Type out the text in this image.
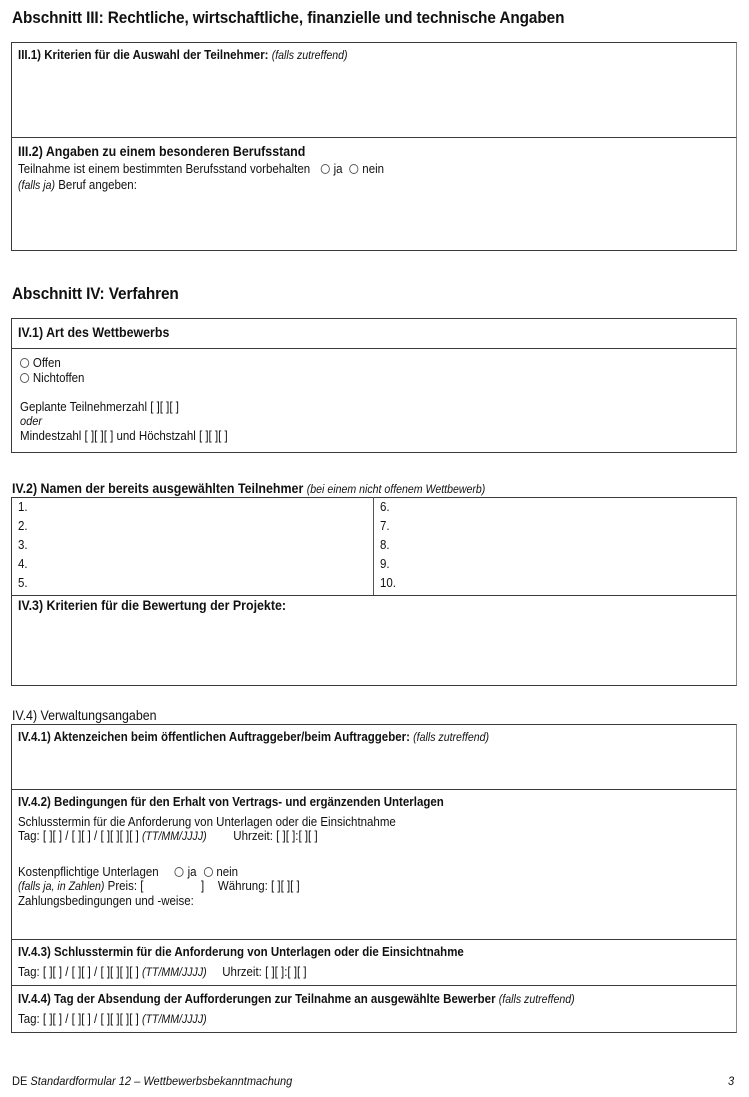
Abschnitt III: Rechtliche, wirtschaftliche, finanzielle und technische Angaben
III.1) Kriterien für die Auswahl der Teilnehmer: (falls zutreffend)
III.2) Angaben zu einem besonderen Berufsstand
Teilnahme ist einem bestimmten Berufsstand vorbehalten ja nein
(falls ja) Beruf angeben:
Abschnitt IV: Verfahren
IV.1) Art des Wettbewerbs
Offen
Nichtoffen
Geplante Teilnehmerzahl [ ][ ][ ]
oder
Mindestzahl [ ][ ][ ] und Höchstzahl [ ][ ][ ]
IV.2) Namen der bereits ausgewählten Teilnehmer (bei einem nicht offenem Wettbewerb)
1.
2.
3.
4.
5.
6.
7.
8.
9.
10.
IV.3) Kriterien für die Bewertung der Projekte:
IV.4) Verwaltungsangaben
IV.4.1) Aktenzeichen beim öffentlichen Auftraggeber/beim Auftraggeber: (falls zutreffend)
IV.4.2) Bedingungen für den Erhalt von Vertrags- und ergänzenden Unterlagen
Schlusstermin für die Anforderung von Unterlagen oder die Einsichtnahme
Tag: [ ][ ] / [ ][ ] / [ ][ ][ ][ ] (TT/MM/JJJJ) Uhrzeit: [ ][ ]:[ ][ ]
Kostenpflichtige Unterlagen ja nein
(falls ja, in Zahlen) Preis: [                  ] Währung: [ ][ ][ ]
Zahlungsbedingungen und -weise:
IV.4.3) Schlusstermin für die Anforderung von Unterlagen oder die Einsichtnahme
Tag: [ ][ ] / [ ][ ] / [ ][ ][ ][ ] (TT/MM/JJJJ) Uhrzeit: [ ][ ]:[ ][ ]
IV.4.4) Tag der Absendung der Aufforderungen zur Teilnahme an ausgewählte Bewerber (falls zutreffend)
Tag: [ ][ ] / [ ][ ] / [ ][ ][ ][ ] (TT/MM/JJJJ)
DE Standardformular 12 – Wettbewerbsbekanntmachung	3
